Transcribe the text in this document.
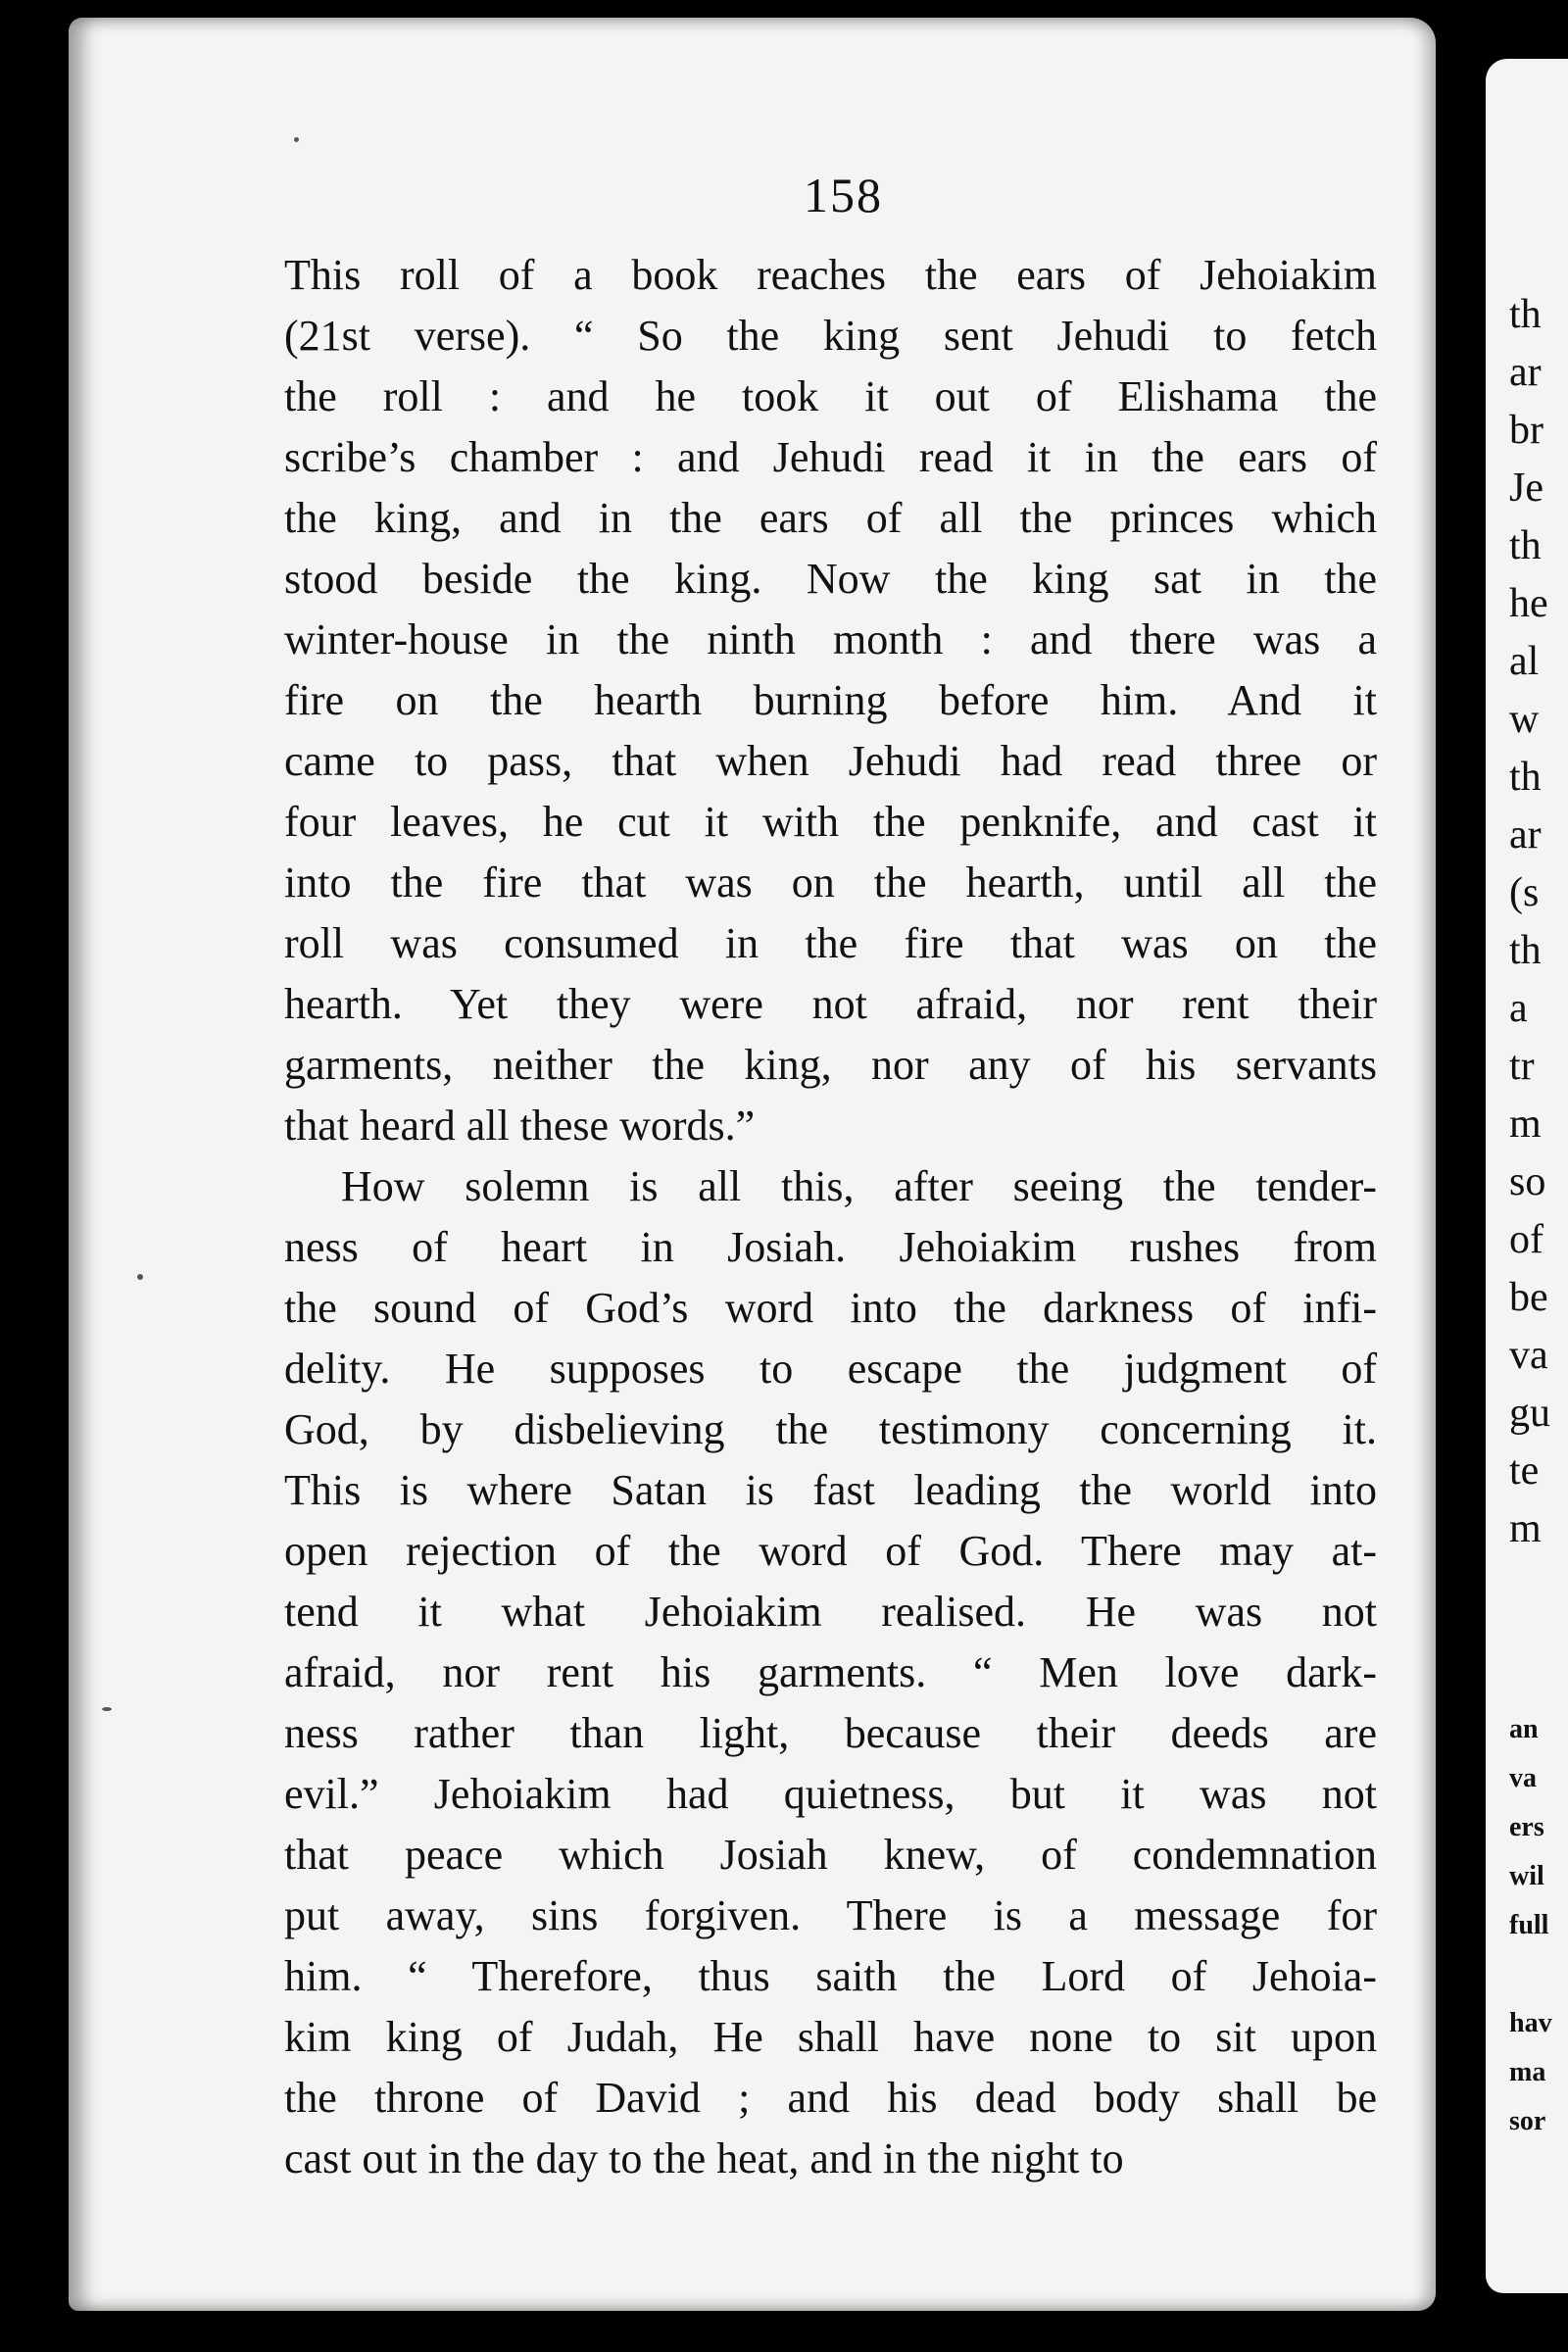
158
This roll of a book reaches the ears of Jehoiakim
(21st verse). “ So the king sent Jehudi to fetch
the roll : and he took it out of Elishama the
scribe’s chamber : and Jehudi read it in the ears of
the king, and in the ears of all the princes which
stood beside the king. Now the king sat in the
winter-house in the ninth month : and there was a
fire on the hearth burning before him. And it
came to pass, that when Jehudi had read three or
four leaves, he cut it with the penknife, and cast it
into the fire that was on the hearth, until all the
roll was consumed in the fire that was on the
hearth. Yet they were not afraid, nor rent their
garments, neither the king, nor any of his servants
that heard all these words.”
How solemn is all this, after seeing the tender-
ness of heart in Josiah. Jehoiakim rushes from
the sound of God’s word into the darkness of infi-
delity. He supposes to escape the judgment of
God, by disbelieving the testimony concerning it.
This is where Satan is fast leading the world into
open rejection of the word of God. There may at-
tend it what Jehoiakim realised. He was not
afraid, nor rent his garments. “ Men love dark-
ness rather than light, because their deeds are
evil.” Jehoiakim had quietness, but it was not
that peace which Josiah knew, of condemnation
put away, sins forgiven. There is a message for
him. “ Therefore, thus saith the Lord of Jehoia-
kim king of Judah, He shall have none to sit upon
the throne of David ; and his dead body shall be
cast out in the day to the heat, and in the night to
th
ar
br
Je
th
he
al
w
th
ar
(s
th
a
tr
m
so
of
be
va
gu
te
m
an
va
ers
wil
full
hav
ma
sor
